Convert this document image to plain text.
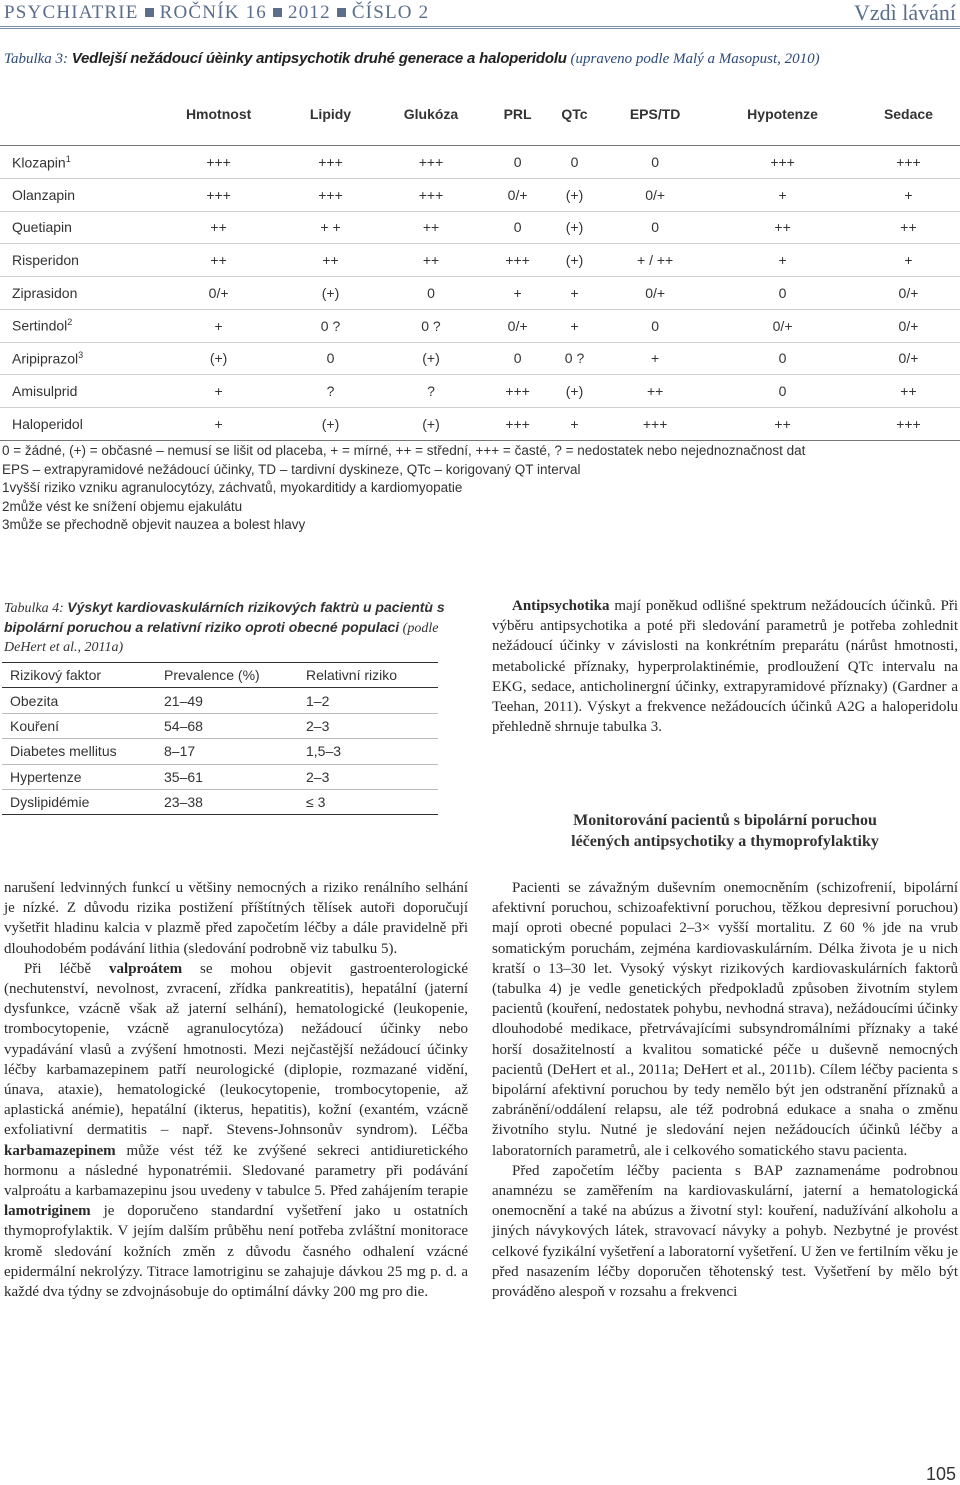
PSYCHIATRIE ROČNÍK 16 2012 ČÍSLO 2	Vzdì lávání
Tabulka 3: Vedlejší nežádoucí úèinky antipsychotik druhé generace a haloperidolu (upraveno podle Malý a Masopust, 2010)
	Hmotnost	Lipidy	Glukóza	PRL	QTc	EPS/TD	Hypotenze	Sedace
Klozapin$^1$	+++	+++	+++	0	0	0	+++	+++
Olanzapin	+++	+++	+++	0/+	(+)	0/+	+	+
Quetiapin	++	+ +	++	0	(+)	0	++	++
Risperidon	++	++	++	+++	(+)	+ / ++	+	+
Ziprasidon	0/+	(+)	0	+	+	0/+	0	0/+
Sertindol$^2$	+	0 ?	0 ?	0/+	+	0	0/+	0/+
Aripiprazol$^3$	(+)	0	(+)	0	0 ?	+	0	0/+
Amisulprid	+	?	?	+++	(+)	++	0	++
Haloperidol	+	(+)	(+)	+++	+	+++	++	+++
0 = žádné, (+) = občasné – nemusí se lišit od placeba, + = mírné, ++ = střední, +++ = časté, ? = nedostatek nebo nejednoznačnost dat
EPS – extrapyramidové nežádoucí účinky, TD – tardivní dyskineze, QTc – korigovaný QT interval
1vyšší riziko vzniku agranulocytózy, záchvatů, myokarditidy a kardiomyopatie
2může vést ke snížení objemu ejakulátu
3může se přechodně objevit nauzea a bolest hlavy
Tabulka 4: Výskyt kardiovaskulárních rizikových faktrù u pacientù s bipolární poruchou a relativní riziko oproti obecné populaci (podle DeHert et al., 2011a)
Rizikový faktor	Prevalence (%)	Relativní riziko
Obezita	21–49	1–2
Kouření	54–68	2–3
Diabetes mellitus	8–17	1,5–3
Hypertenze	35–61	2–3
Dyslipidémie	23–38	≤ 3

narušení ledvinných funkcí u většiny nemocných a riziko renálního selhání je nízké. Z důvodu rizika postižení příštítných tělísek autoři doporučují vyšetřit hladinu kalcia v plazmě před započetím léčby a dále pravidelně při dlouhodobém podávání lithia (sledování podrobně viz tabulku 5).

Při léčbě valproátem se mohou objevit gastroenterologické (nechutenství, nevolnost, zvracení, zřídka pankreatitis), hepatální (jaterní dysfunkce, vzácně však až jaterní selhání), hematologické (leukopenie, trombocytopenie, vzácně agranulocytóza) nežádoucí účinky nebo vypadávání vlasů a zvýšení hmotnosti. Mezi nejčastější nežádoucí účinky léčby karbamazepinem patří neurologické (diplopie, rozmazané vidění, únava, ataxie), hematologické (leukocytopenie, trombocytopenie, až aplastická anémie), hepatální (ikterus, hepatitis), kožní (exantém, vzácně exfoliativní dermatitis – např. Stevens-Johnsonův syndrom). Léčba karbamazepinem může vést též ke zvýšené sekreci antidiuretického hormonu a následné hyponatrémii. Sledované parametry při podávání valproátu a karbamazepinu jsou uvedeny v tabulce 5. Před zahájením terapie lamotriginem je doporučeno standardní vyšetření jako u ostatních thymoprofylaktik. V jejím dalším průběhu není potřeba zvláštní monitorace kromě sledování kožních změn z důvodu časného odhalení vzácné epidermální nekrolýzy. Titrace lamotriginu se zahajuje dávkou 25 mg p. d. a každé dva týdny se zdvojnásobuje do optimální dávky 200 mg pro die.

Antipsychotika mají poněkud odlišné spektrum nežádoucích účinků. Při výběru antipsychotika a poté při sledování parametrů je potřeba zohlednit nežádoucí účinky v závislosti na konkrétním preparátu (nárůst hmotnosti, metabolické příznaky, hyperprolaktinémie, prodloužení QTc intervalu na EKG, sedace, anticholinergní účinky, extrapyramidové příznaky) (Gardner a Teehan, 2011). Výskyt a frekvence nežádoucích účinků A2G a haloperidolu přehledně shrnuje tabulka 3.

Monitorování pacientů s bipolární poruchou
léčených antipsychotiky a thymoprofylaktiky

Pacienti se závažným duševním onemocněním (schizofrenií, bipolární afektivní poruchou, schizoafektivní poruchou, těžkou depresivní poruchou) mají oproti obecné populaci 2–3× vyšší mortalitu. Z 60 % jde na vrub somatickým poruchám, zejména kardiovaskulárním. Délka života je u nich kratší o 13–30 let. Vysoký výskyt rizikových kardiovaskulárních faktorů (tabulka 4) je vedle genetických předpokladů způsoben životním stylem pacientů (kouření, nedostatek pohybu, nevhodná strava), nežádoucími účinky dlouhodobé medikace, přetrvávajícími subsyndromálními příznaky a také horší dosažitelností a kvalitou somatické péče u duševně nemocných pacientů (DeHert et al., 2011a; DeHert et al., 2011b). Cílem léčby pacienta s bipolární afektivní poruchou by tedy nemělo být jen odstranění příznaků a zabránění/oddálení relapsu, ale též podrobná edukace a snaha o změnu životního stylu. Nutné je sledování nejen nežádoucích účinků léčby a laboratorních parametrů, ale i celkového somatického stavu pacienta.

Před započetím léčby pacienta s BAP zaznamenáme podrobnou anamnézu se zaměřením na kardiovaskulární, jaterní a hematologická onemocnění a také na abúzus a životní styl: kouření, nadužívání alkoholu a jiných návykových látek, stravovací návyky a pohyb. Nezbytné je provést celkové fyzikální vyšetření a laboratorní vyšetření. U žen ve fertilním věku je před nasazením léčby doporučen těhotenský test. Vyšetření by mělo být prováděno alespoň v rozsahu a frekvenci

105
